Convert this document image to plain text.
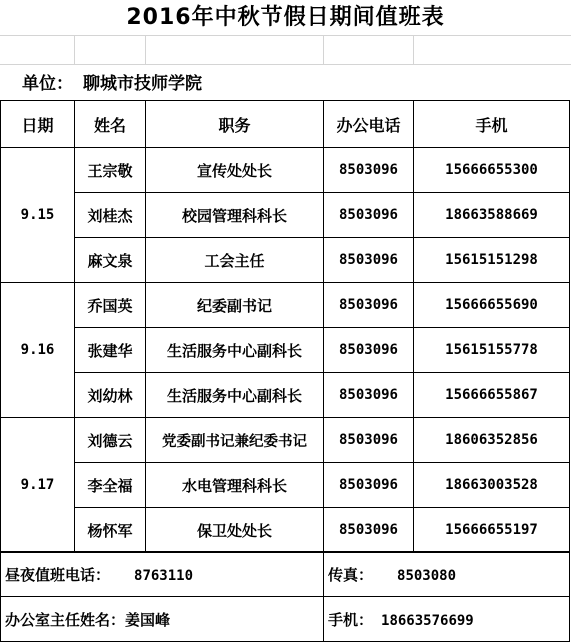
2016年中秋节假日期间值班表
单位： 聊城市技师学院
日期	姓名	职务	办公电话	手机
9.15	王宗敬	宣传处处长	8503096	15666655300
	刘桂杰	校园管理科科长	8503096	18663588669
	麻文泉	工会主任	8503096	15615151298
9.16	乔国英	纪委副书记	8503096	15666655690
	张建华	生活服务中心副科长	8503096	15615155778
	刘幼林	生活服务中心副科长	8503096	15666655867
9.17	刘德云	党委副书记兼纪委书记	8503096	18606352856
	李全福	水电管理科科长	8503096	18663003528
	杨怀军	保卫处处长	8503096	15666655197
昼夜值班电话： 8763110	传真： 8503080
办公室主任姓名：姜国峰	手机： 18663576699
